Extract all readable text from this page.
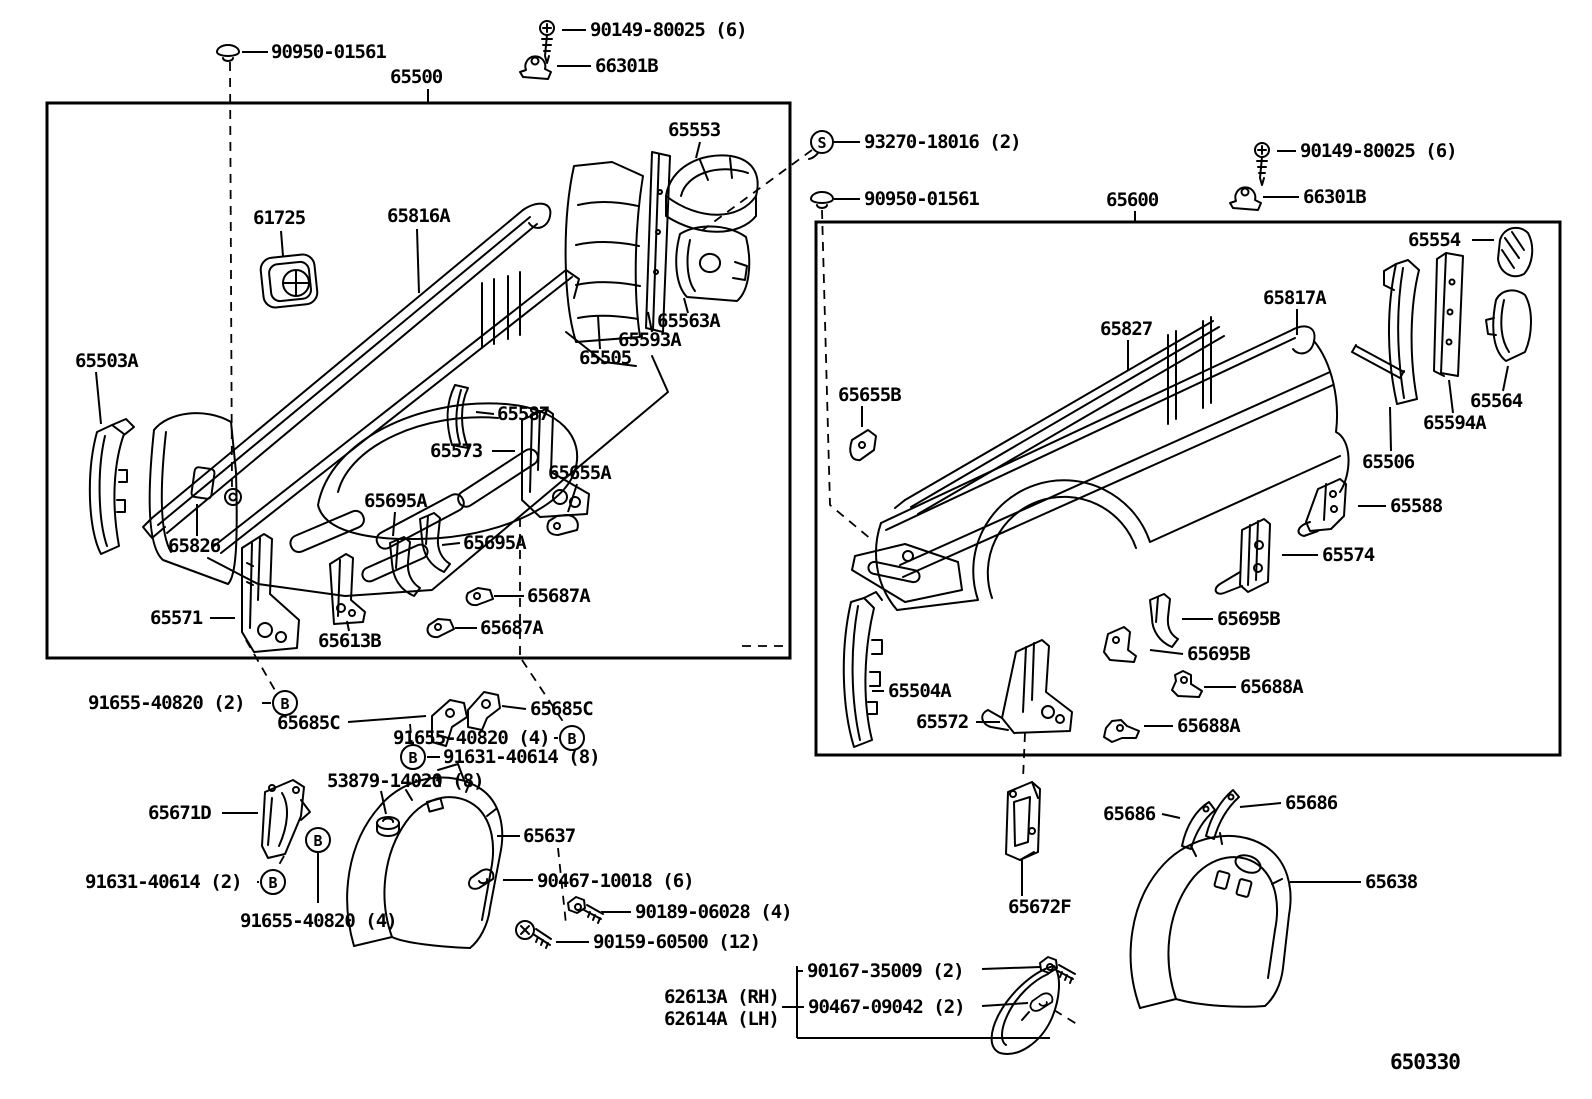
S
B
B
B
B
B
90950-01561
65500
90149-80025 (6)
66301B
93270-18016 (2)
90950-01561	65600
90149-80025 (6)
66301B
65553
61725	65816A
65503A	65505
65593A
65563A
65587
65573
65655A
65695A
65695A
65826
65571
65613B
65687A
65687A
65655B
65827
65817A
65554
65564
65594A
65506
65588
65574
65695B
65695B
65688A
65688A
65504A
65572
91655-40820 (2)
65685C
65685C
91655-40820 (4)
91631-40614 (8)
53879-14020 (8)
65671D
91631-40614 (2)
91655-40820 (4)
65637
90467-10018 (6)
90189-06028 (4)
90159-60500 (12)
65672F
65686	65686
65638
62613A (RH)
62614A (LH)
90167-35009 (2)
90467-09042 (2)
650330
